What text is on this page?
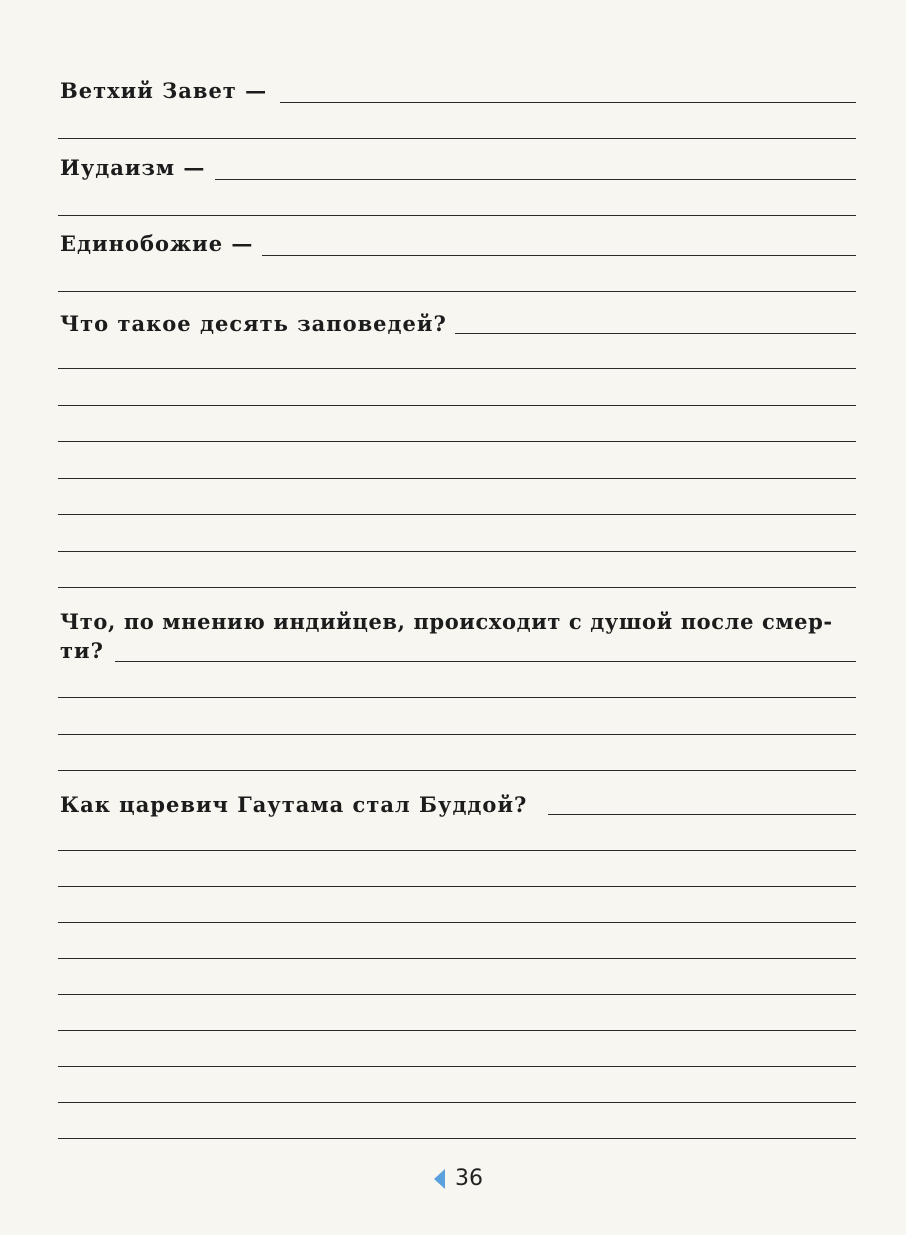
Ветхий Завет —
Иудаизм —
Единобожие —
Что такое десять заповедей?
Что, по мнению индийцев, происходит с душой после смер-
ти?
Как царевич Гаутама стал Буддой?
36
